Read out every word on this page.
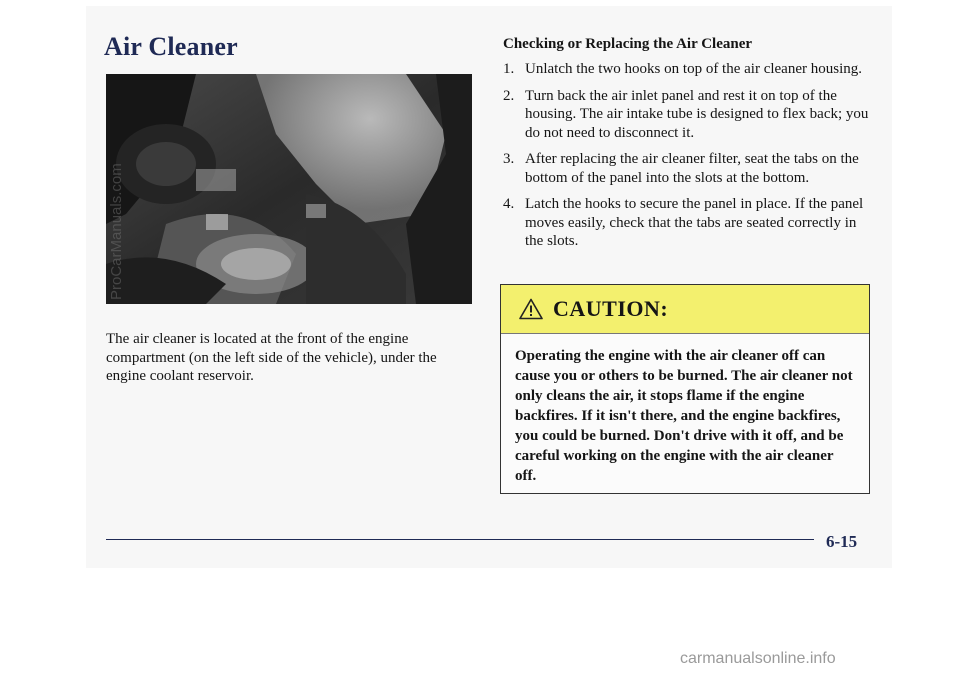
Air Cleaner

The air cleaner is located at the front of the engine compartment (on the left side of the vehicle), under the engine coolant reservoir.

Checking or Replacing the Air Cleaner
1. Unlatch the two hooks on top of the air cleaner housing.
2. Turn back the air inlet panel and rest it on top of the housing. The air intake tube is designed to flex back; you do not need to disconnect it.
3. After replacing the air cleaner filter, seat the tabs on the bottom of the panel into the slots at the bottom.
4. Latch the hooks to secure the panel in place. If the panel moves easily, check that the tabs are seated correctly in the slots.
CAUTION:

Operating the engine with the air cleaner off can cause you or others to be burned. The air cleaner not only cleans the air, it stops flame if the engine backfires. If it isn't there, and the engine backfires, you could be burned. Don't drive with it off, and be careful working on the engine with the air cleaner off.

6-15
ProCarManuals.com
carmanualsonline.info
